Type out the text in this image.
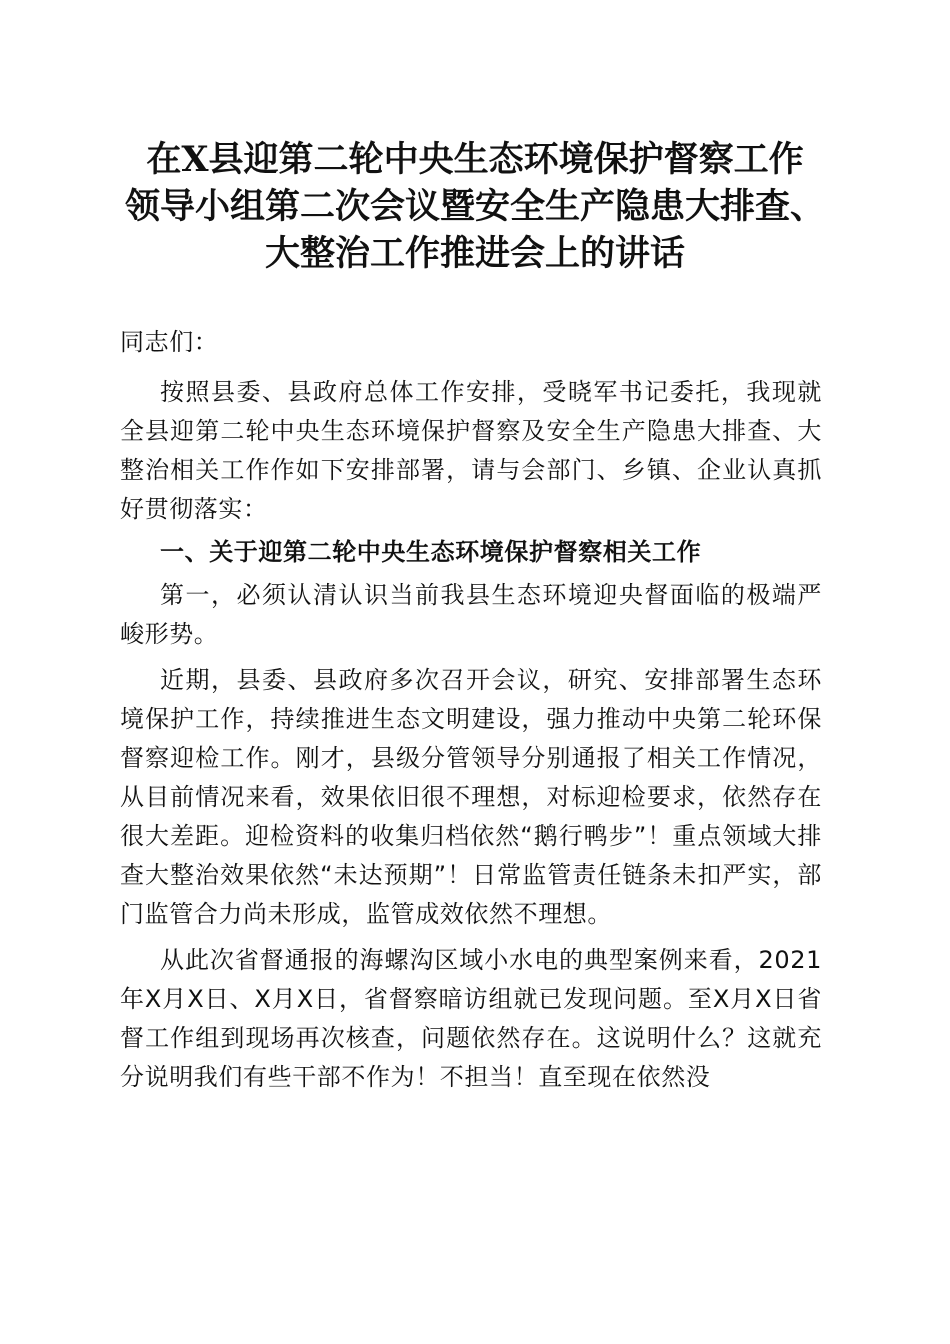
在X县迎第二轮中央生态环境保护督察工作
领导小组第二次会议暨安全生产隐患大排查、
大整治工作推进会上的讲话

同志们：

按照县委、县政府总体工作安排，受晓军书记委托，我现就全县迎第二轮中央生态环境保护督察及安全生产隐患大排查、大整治相关工作作如下安排部署，请与会部门、乡镇、企业认真抓好贯彻落实：

一、关于迎第二轮中央生态环境保护督察相关工作

第一，必须认清认识当前我县生态环境迎央督面临的极端严峻形势。

近期，县委、县政府多次召开会议，研究、安排部署生态环境保护工作，持续推进生态文明建设，强力推动中央第二轮环保督察迎检工作。刚才，县级分管领导分别通报了相关工作情况，从目前情况来看，效果依旧很不理想，对标迎检要求，依然存在很大差距。迎检资料的收集归档依然“鹅行鸭步”！重点领域大排查大整治效果依然“未达预期”！日常监管责任链条未扣严实，部门监管合力尚未形成，监管成效依然不理想。

从此次省督通报的海螺沟区域小水电的典型案例来看，2021年X月X日、X月X日，省督察暗访组就已发现问题。至X月X日省督工作组到现场再次核查，问题依然存在。这说明什么？这就充分说明我们有些干部不作为！不担当！直至现在依然没
